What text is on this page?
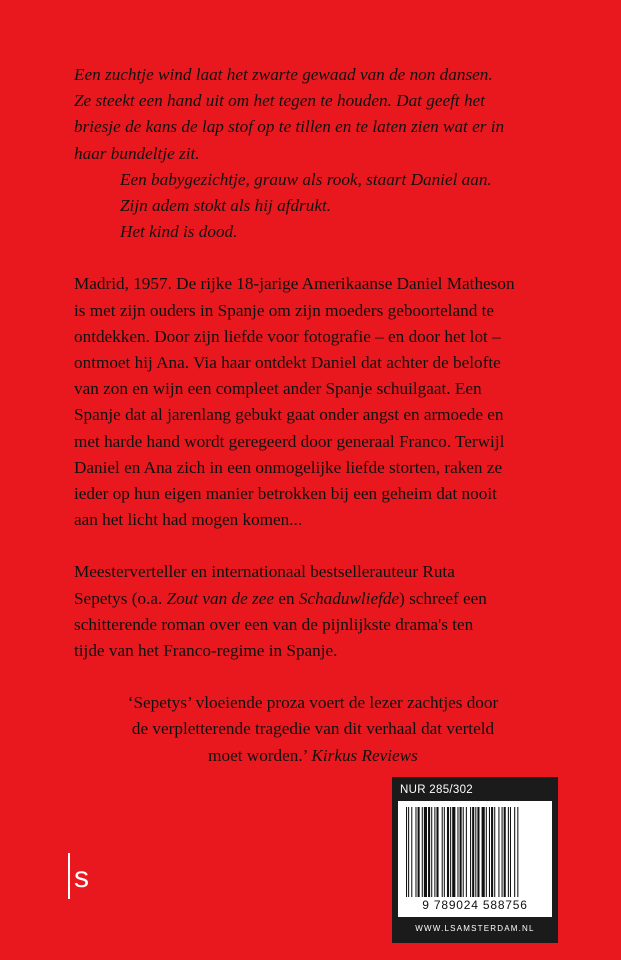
Een zuchtje wind laat het zwarte gewaad van de non dansen.
Ze steekt een hand uit om het tegen te houden. Dat geeft het
briesje de kans de lap stof op te tillen en te laten zien wat er in
haar bundeltje zit.
Een babygezichtje, grauw als rook, staart Daniel aan.
Zijn adem stokt als hij afdrukt.
Het kind is dood.

Madrid, 1957. De rijke 18-jarige Amerikaanse Daniel Matheson
is met zijn ouders in Spanje om zijn moeders geboorteland te
ontdekken. Door zijn liefde voor fotografie – en door het lot –
ontmoet hij Ana. Via haar ontdekt Daniel dat achter de belofte
van zon en wijn een compleet ander Spanje schuilgaat. Een
Spanje dat al jarenlang gebukt gaat onder angst en armoede en
met harde hand wordt geregeerd door generaal Franco. Terwijl
Daniel en Ana zich in een onmogelijke liefde storten, raken ze
ieder op hun eigen manier betrokken bij een geheim dat nooit
aan het licht had mogen komen...

Meesterverteller en internationaal bestsellerauteur Ruta
Sepetys (o.a. Zout van de zee en Schaduwliefde) schreef een
schitterende roman over een van de pijnlijkste drama's ten
tijde van het Franco-regime in Spanje.

‘Sepetys’ vloeiende proza voert de lezer zachtjes door
de verpletterende tragedie van dit verhaal dat verteld
moet worden.’ Kirkus Reviews

s
NUR 285/302
9 789024 588756
WWW.LSAMSTERDAM.NL
